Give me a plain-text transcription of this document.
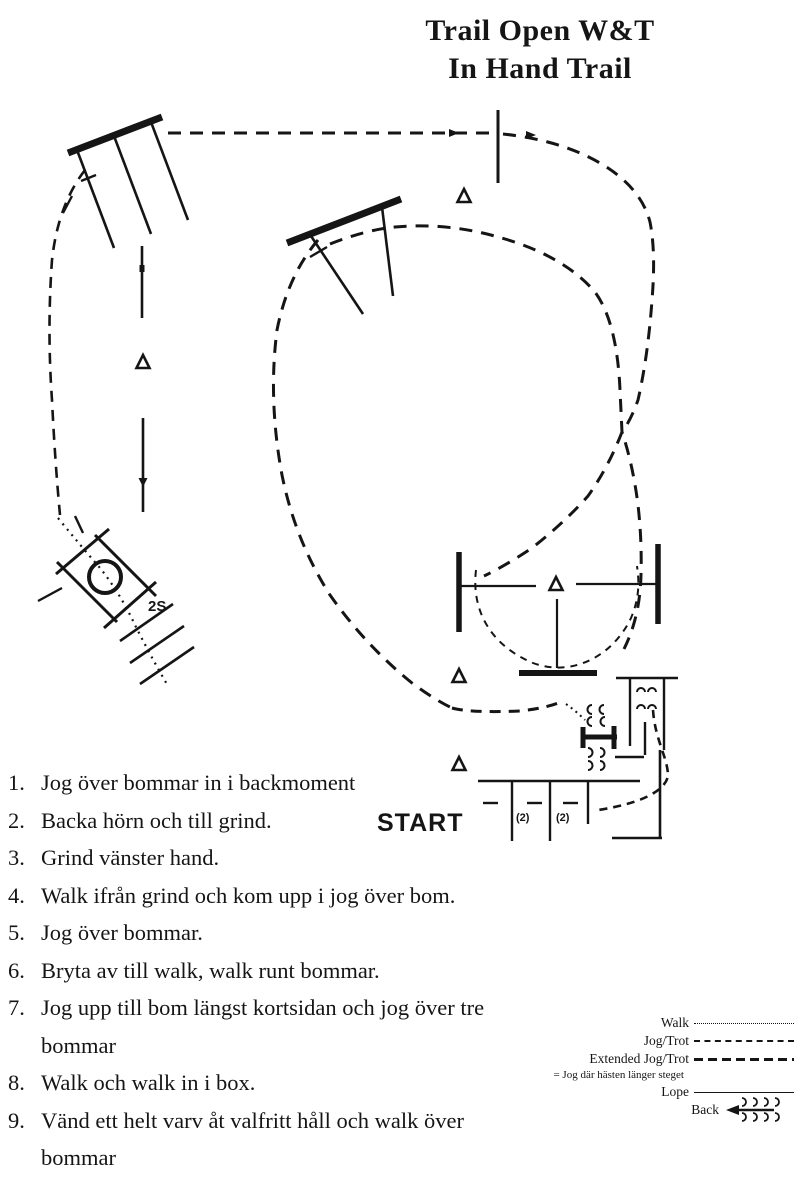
Trail Open W&T
In Hand Trail
2S
(2) (2)
START
1. Jog över bommar in i backmoment
2. Backa hörn och till grind.
3. Grind vänster hand.
4. Walk ifrån grind och kom upp i jog över bom.
5. Jog över bommar.
6. Bryta av till walk, walk runt bommar.
7. Jog upp till bom längst kortsidan och jog över tre
bommar
8. Walk och walk in i box.
9. Vänd ett helt varv åt valfritt håll och walk över
bommar
Walk
Jog/Trot
Extended Jog/Trot
= Jog där hästen länger steget
Lope
Back
